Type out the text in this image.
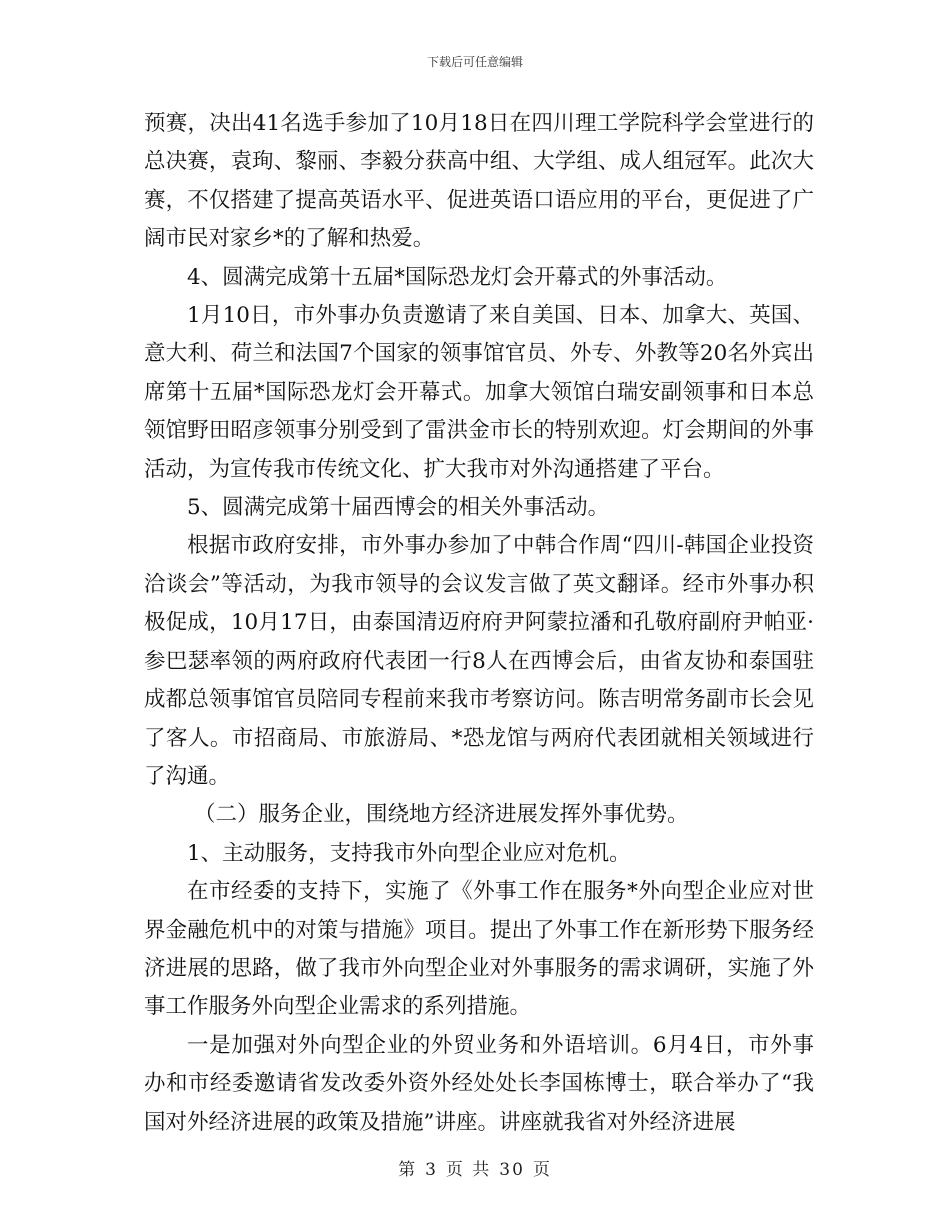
下载后可任意编辑

预赛，决出41名选手参加了10月18日在四川理工学院科学会堂进行的总决赛，袁珣、黎丽、李毅分获高中组、大学组、成人组冠军。此次大赛，不仅搭建了提高英语水平、促进英语口语应用的平台，更促进了广阔市民对家乡*的了解和热爱。

4、圆满完成第十五届*国际恐龙灯会开幕式的外事活动。

1月10日，市外事办负责邀请了来自美国、日本、加拿大、英国、意大利、荷兰和法国7个国家的领事馆官员、外专、外教等20名外宾出席第十五届*国际恐龙灯会开幕式。加拿大领馆白瑞安副领事和日本总领馆野田昭彦领事分别受到了雷洪金市长的特别欢迎。灯会期间的外事活动，为宣传我市传统文化、扩大我市对外沟通搭建了平台。

5、圆满完成第十届西博会的相关外事活动。

根据市政府安排，市外事办参加了中韩合作周“四川-韩国企业投资洽谈会”等活动，为我市领导的会议发言做了英文翻译。经市外事办积极促成，10月17日，由泰国清迈府府尹阿蒙拉潘和孔敬府副府尹帕亚·参巴瑟率领的两府政府代表团一行8人在西博会后，由省友协和泰国驻成都总领事馆官员陪同专程前来我市考察访问。陈吉明常务副市长会见了客人。市招商局、市旅游局、*恐龙馆与两府代表团就相关领域进行了沟通。

（二）服务企业，围绕地方经济进展发挥外事优势。

1、主动服务，支持我市外向型企业应对危机。

在市经委的支持下，实施了《外事工作在服务*外向型企业应对世界金融危机中的对策与措施》项目。提出了外事工作在新形势下服务经济进展的思路，做了我市外向型企业对外事服务的需求调研，实施了外事工作服务外向型企业需求的系列措施。

一是加强对外向型企业的外贸业务和外语培训。6月4日，市外事办和市经委邀请省发改委外资外经处处长李国栋博士，联合举办了“我国对外经济进展的政策及措施”讲座。讲座就我省对外经济进展

第 3 页 共 30 页
